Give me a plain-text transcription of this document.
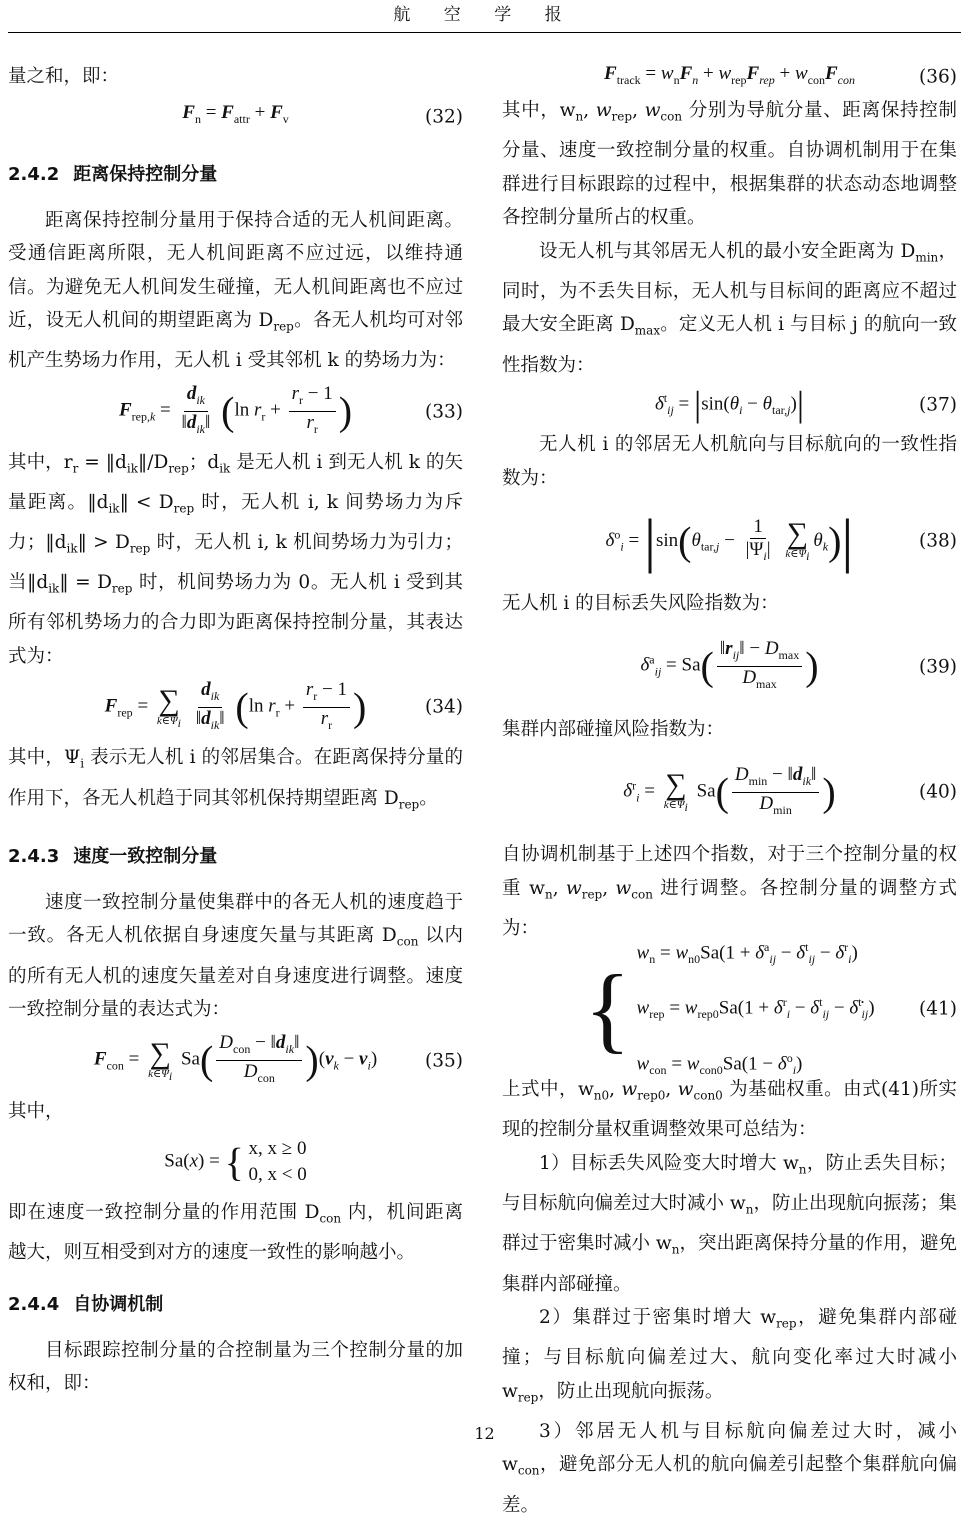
航 空 学 报

量之和，即：

$F_n = F_{attr} + F_v$	(32)
2.4.2 距离保持控制分量

距离保持控制分量用于保持合适的无人机间距离。受通信距离所限，无人机间距离不应过远，以维持通信。为避免无人机间发生碰撞，无人机间距离也不应过近，设无人机间的期望距离为 $D_{rep}$。各无人机均可对邻机产生势场力作用，无人机 i 受其邻机 k 的势场力为：

$F_{rep,k} = \frac{d_{ik}}{‖d_{ik}‖} (\ln$ $r_r + \frac{r_r - 1}{r_r}$ )	(33)

其中，$r_r$ = $‖d_{ik}‖/D_{rep}$；$d_{ik}$ 是无人机 i 到无人机 k 的矢量距离。$‖d_{ik}‖ < D_{rep}$ 时，无人机 i, k 间势场力为斥力；$‖d_{ik}‖ > D_{rep}$ 时，无人机 i, k 机间势场力为引力；当$‖d_{ik}‖ = D_{rep}$ 时，机间势场力为 0。无人机 i 受到其所有邻机势场力的合力即为距离保持控制分量，其表达式为：

$F_{rep}$ = ∑
$k\in\Psi_i$
$\frac{d_{ik}}{‖d_{ik}‖} (\ln$ $r_r + \frac{r_r - 1}{r_r}$ )	(34)

其中，$\Psi_i$ 表示无人机 i 的邻居集合。在距离保持分量的作用下，各无人机趋于同其邻机保持期望距离 $D_{rep}$。

2.4.3 速度一致控制分量

速度一致控制分量使集群中的各无人机的速度趋于一致。各无人机依据自身速度矢量与其距离 $D_{con}$ 以内的所有无人机的速度矢量差对自身速度进行调整。速度一致控制分量的表达式为：

$F_{con}$ = ∑
$k\in\Psi_i$
$Sa( \frac{D_{con} - ‖d_{ik}‖}{D_{con}} )(v_k - v_i)$	(35)

其中，

Sa(x) = { x, x ≥ 0
0, x < 0

即在速度一致控制分量的作用范围 $D_{con}$ 内，机间距离越大，则互相受到对方的速度一致性的影响越小。

2.4.4 自协调机制

目标跟踪控制分量的合控制量为三个控制分量的加权和，即：

$F_{track} = w_nF_n + w_{rep}F_{rep} + w_{con}F_{con}$	(36)

其中，$w_n$, $w_{rep}$, $w_{con}$ 分别为导航分量、距离保持控制分量、速度一致控制分量的权重。自协调机制用于在集群进行目标跟踪的过程中，根据集群的状态动态地调整各控制分量所占的权重。

设无人机与其邻居无人机的最小安全距离为 $D_{min}$，同时，为不丢失目标，无人机与目标间的距离应不超过最大安全距离 $D_{max}$。定义无人机 i 与目标 j 的航向一致性指数为：

$\delta^t_{ij} = |\sin(\theta_i - \theta_{tar,j})|$	(37)

无人机 i 的邻居无人机航向与目标航向的一致性指数为：

$\delta^o_i = |\sin(\theta_{tar,j} - \frac{1}{|\Psi_i|}$
∑
$k\in\Psi_i$
$\theta_k)|$	(38)

无人机 i 的目标丢失风险指数为：

$\delta^a_{ij} = Sa( \frac{‖r_{ij}‖ - D_{max}}{D_{max}}$ )	(39)

集群内部碰撞风险指数为：

$\delta^r_i$ = ∑
$k\in\Psi_i$
$Sa( \frac{D_{min} - ‖d_{ik}‖}{D_{min}}$ )	(40)

自协调机制基于上述四个指数，对于三个控制分量的权重 $w_n$, $w_{rep}$, $w_{con}$ 进行调整。各控制分量的调整方式为：

{
$w_n = w_{n0}Sa(1 + \delta^a_{ij} - \delta^t_{ij} - \delta^r_i)$
$w_{rep} = w_{rep0}Sa(1 + \delta^r_i - \delta^t_{ij}$ − δ̇$^t_{ij}$)
$w_{con} = w_{con0}Sa(1 - \delta^o_i)$
(41)

上式中，$w_{n0}$, $w_{rep0}$, $w_{con0}$ 为基础权重。由式(41)所实现的控制分量权重调整效果可总结为：

1）目标丢失风险变大时增大 $w_n$，防止丢失目标；与目标航向偏差过大时减小 $w_n$，防止出现航向振荡；集群过于密集时减小 $w_n$，突出距离保持分量的作用，避免集群内部碰撞。

2）集群过于密集时增大 $w_{rep}$，避免集群内部碰撞；与目标航向偏差过大、航向变化率过大时减小 $w_{rep}$，防止出现航向振荡。

3）邻居无人机与目标航向偏差过大时，减小 $w_{con}$，避免部分无人机的航向偏差引起整个集群航向偏差。

12
